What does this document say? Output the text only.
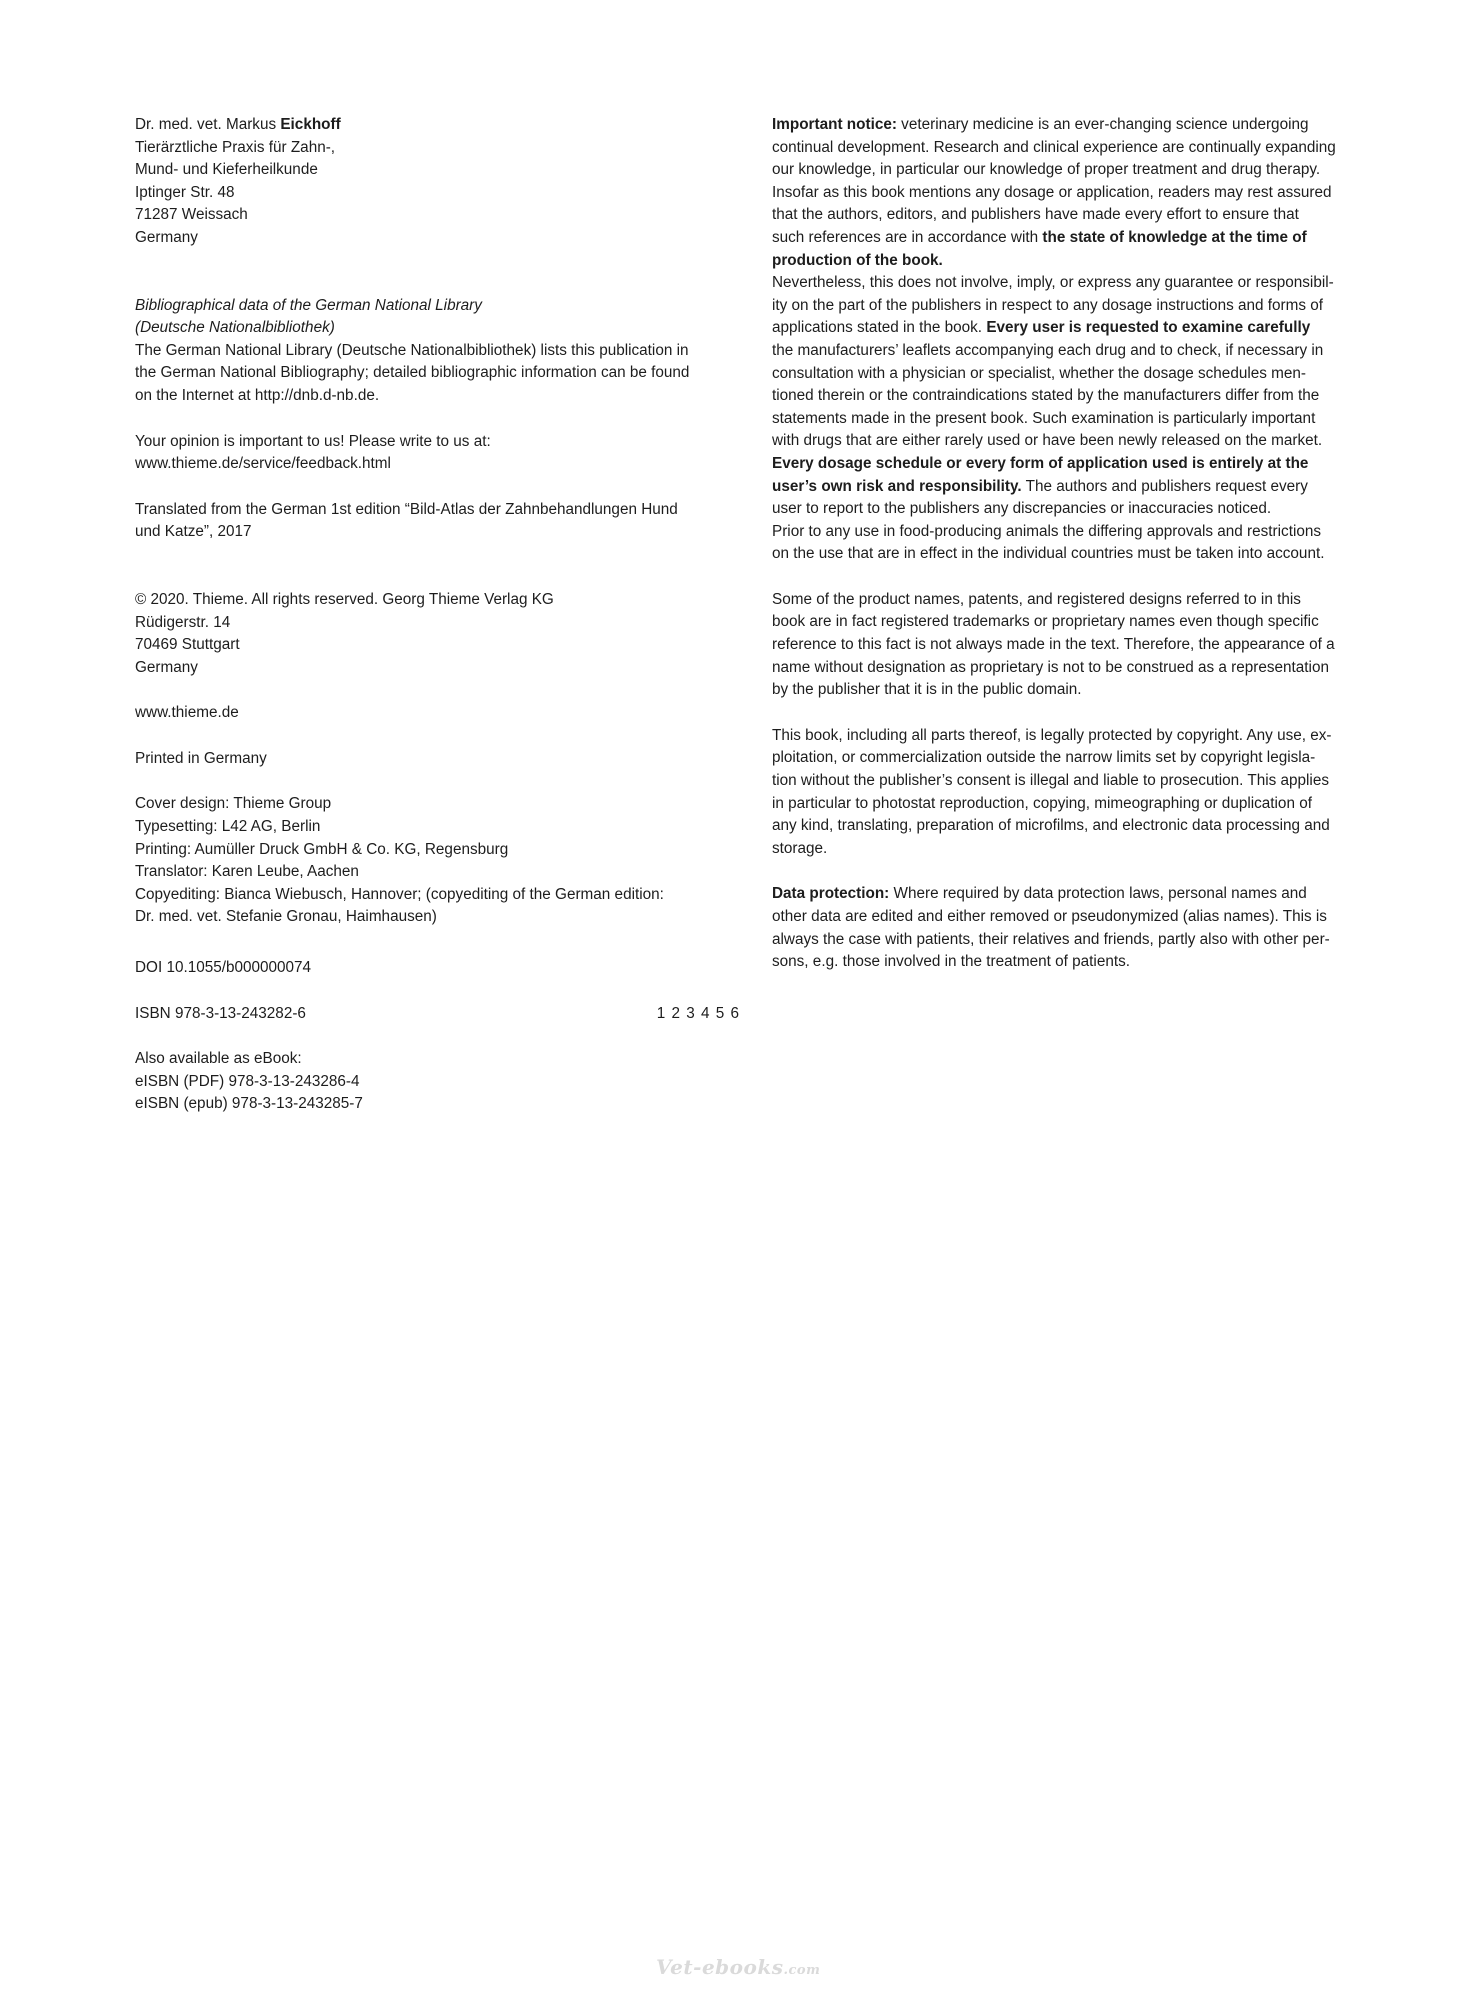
Dr. med. vet. Markus Eickhoff
Tierärztliche Praxis für Zahn-,
Mund- und Kieferheilkunde
Iptinger Str. 48
71287 Weissach
Germany
Bibliographical data of the German National Library
(Deutsche Nationalbibliothek)
The German National Library (Deutsche Nationalbibliothek) lists this publication in
the German National Bibliography; detailed bibliographic information can be found
on the Internet at http://dnb.d-nb.de.
Your opinion is important to us! Please write to us at:
www.thieme.de/service/feedback.html
Translated from the German 1st edition “Bild-Atlas der Zahnbehandlungen Hund
und Katze”, 2017
© 2020. Thieme. All rights reserved. Georg Thieme Verlag KG
Rüdigerstr. 14
70469 Stuttgart
Germany
www.thieme.de
Printed in Germany
Cover design: Thieme Group
Typesetting: L42 AG, Berlin
Printing: Aumüller Druck GmbH & Co. KG, Regensburg
Translator: Karen Leube, Aachen
Copyediting: Bianca Wiebusch, Hannover; (copyediting of the German edition:
Dr. med. vet. Stefanie Gronau, Haimhausen)
DOI 10.1055/b000000074
ISBN 978-3-13-243282-6	1 2 3 4 5 6
Also available as eBook:
eISBN (PDF) 978-3-13-243286-4
eISBN (epub) 978-3-13-243285-7
Important notice: veterinary medicine is an ever-changing science undergoing
continual development. Research and clinical experience are continually expanding
our knowledge, in particular our knowledge of proper treatment and drug therapy.
Insofar as this book mentions any dosage or application, readers may rest assured
that the authors, editors, and publishers have made every effort to ensure that
such references are in accordance with the state of knowledge at the time of
production of the book.
Nevertheless, this does not involve, imply, or express any guarantee or responsibil-
ity on the part of the publishers in respect to any dosage instructions and forms of
applications stated in the book. Every user is requested to examine carefully
the manufacturers’ leaflets accompanying each drug and to check, if necessary in
consultation with a physician or specialist, whether the dosage schedules men-
tioned therein or the contraindications stated by the manufacturers differ from the
statements made in the present book. Such examination is particularly important
with drugs that are either rarely used or have been newly released on the market.
Every dosage schedule or every form of application used is entirely at the
user’s own risk and responsibility. The authors and publishers request every
user to report to the publishers any discrepancies or inaccuracies noticed.
Prior to any use in food-producing animals the differing approvals and restrictions
on the use that are in effect in the individual countries must be taken into account.
Some of the product names, patents, and registered designs referred to in this
book are in fact registered trademarks or proprietary names even though specific
reference to this fact is not always made in the text. Therefore, the appearance of a
name without designation as proprietary is not to be construed as a representation
by the publisher that it is in the public domain.
This book, including all parts thereof, is legally protected by copyright. Any use, ex-
ploitation, or commercialization outside the narrow limits set by copyright legisla-
tion without the publisher’s consent is illegal and liable to prosecution. This applies
in particular to photostat reproduction, copying, mimeographing or duplication of
any kind, translating, preparation of microfilms, and electronic data processing and
storage.
Data protection: Where required by data protection laws, personal names and
other data are edited and either removed or pseudonymized (alias names). This is
always the case with patients, their relatives and friends, partly also with other per-
sons, e.g. those involved in the treatment of patients.
Vet-ebooks.com
